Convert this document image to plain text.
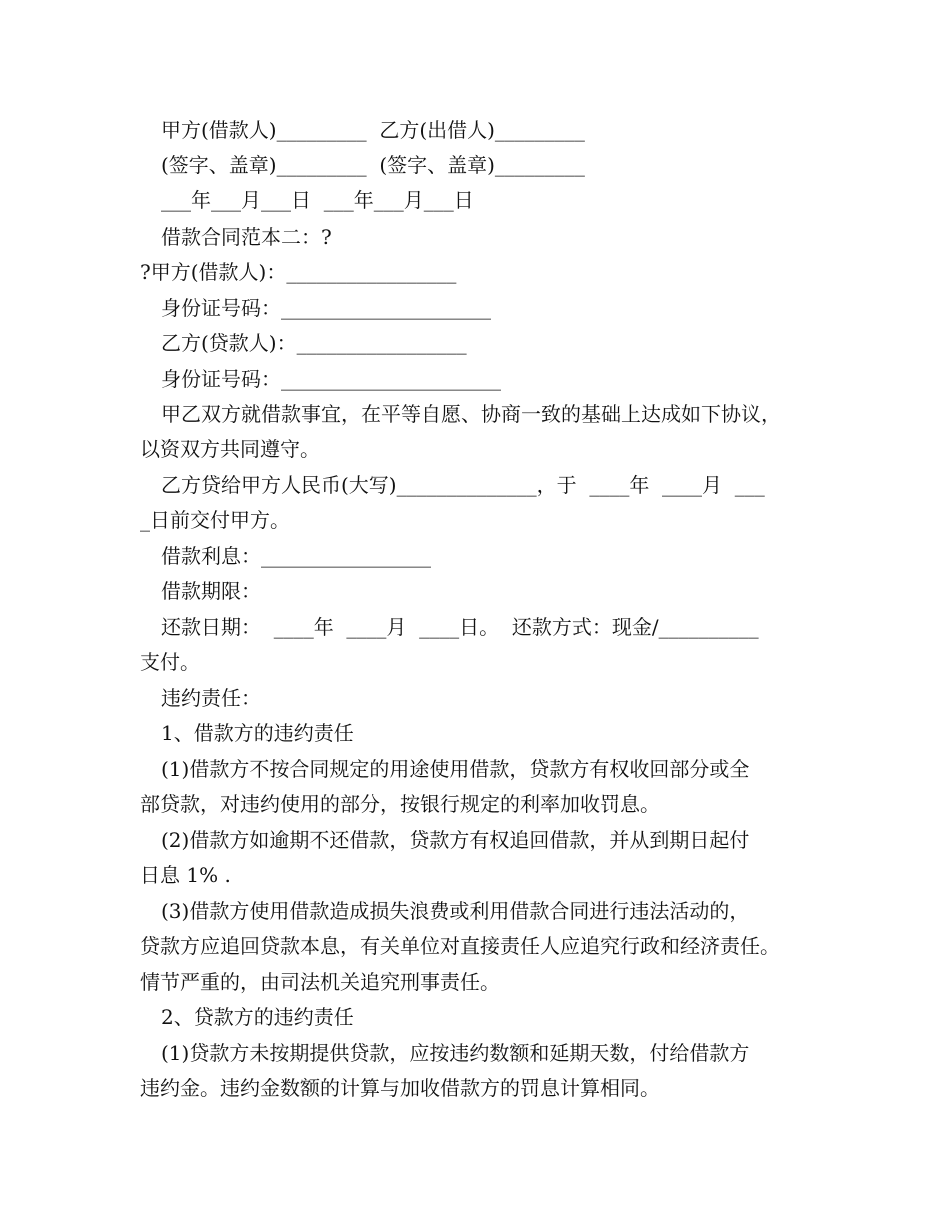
甲方(借款人)_________  乙方(出借人)_________
(签字、盖章)_________  (签字、盖章)_________
___年___月___日  ___年___月___日
借款合同范本二：?
?甲方(借款人)：_________________
身份证号码：_____________________
乙方(贷款人)：_________________
身份证号码：______________________
甲乙双方就借款事宜，在平等自愿、协商一致的基础上达成如下协议，
以资双方共同遵守。
乙方贷给甲方人民币(大写)______________，于  ____年  ____月  ___
_日前交付甲方。
借款利息：_________________
借款期限：
还款日期：  ____年  ____月  ____日。  还款方式：现金/__________
支付。
违约责任：
1、借款方的违约责任
(1)借款方不按合同规定的用途使用借款，贷款方有权收回部分或全
部贷款，对违约使用的部分，按银行规定的利率加收罚息。
(2)借款方如逾期不还借款，贷款方有权追回借款，并从到期日起付
日息 1% .
(3)借款方使用借款造成损失浪费或利用借款合同进行违法活动的，
贷款方应追回贷款本息，有关单位对直接责任人应追究行政和经济责任。
情节严重的，由司法机关追究刑事责任。
2、贷款方的违约责任
(1)贷款方未按期提供贷款，应按违约数额和延期天数，付给借款方
违约金。违约金数额的计算与加收借款方的罚息计算相同。
